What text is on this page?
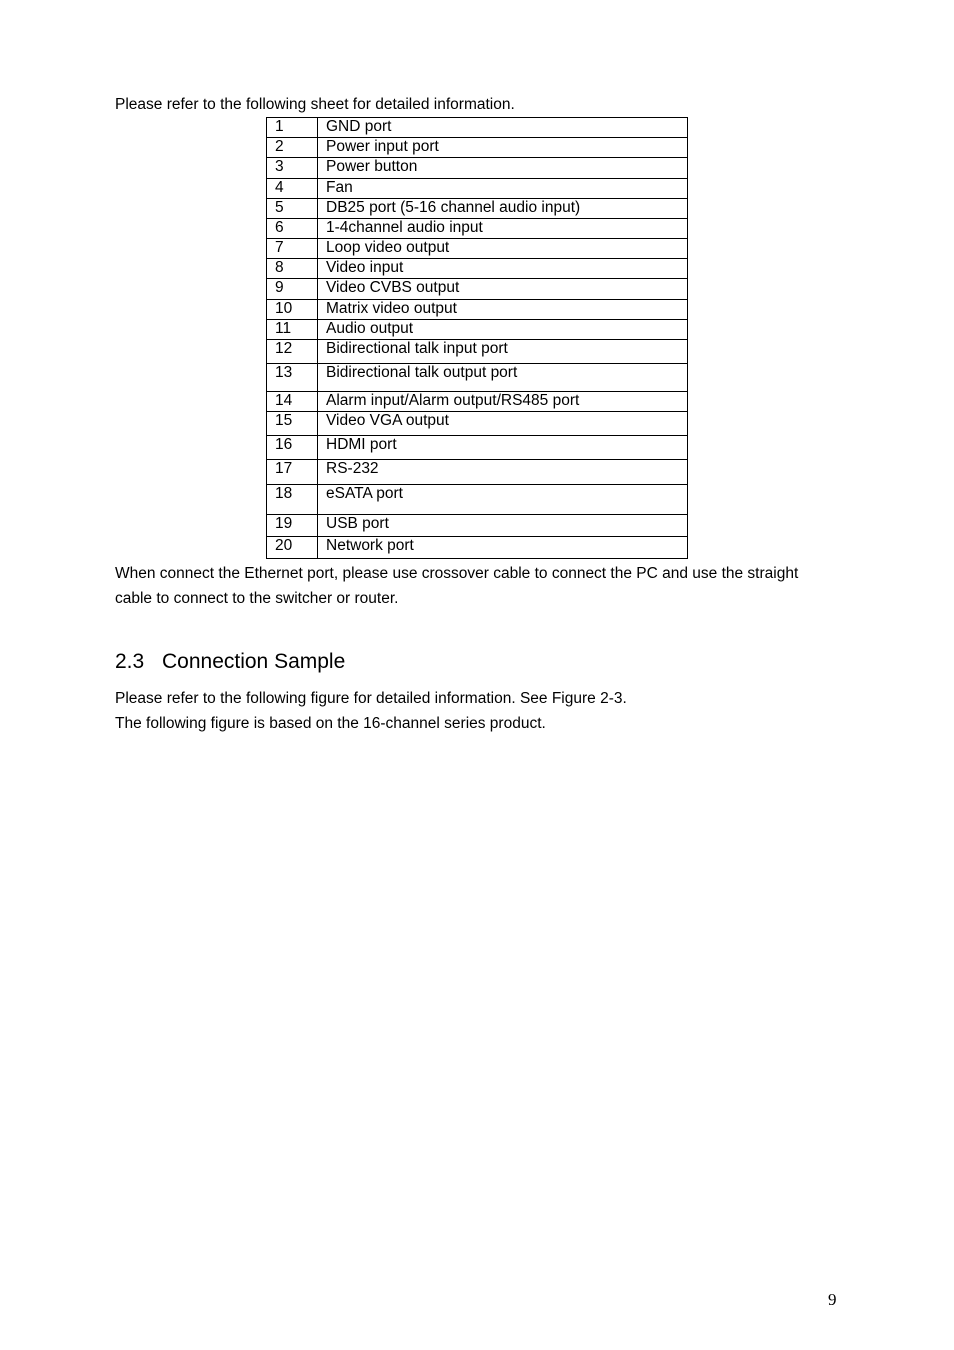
Please refer to the following sheet for detailed information.

1	GND port
2	Power input port
3	Power button
4	Fan
5	DB25 port (5-16 channel audio input)
6	1-4channel audio input
7	Loop video output
8	Video input
9	Video CVBS output
10	Matrix video output
11	Audio output
12	Bidirectional talk input port
13	Bidirectional talk output port
14	Alarm input/Alarm output/RS485 port
15	Video VGA output
16	HDMI port
17	RS-232
18	eSATA port
19	USB port
20	Network port

When connect the Ethernet port, please use crossover cable to connect the PC and use the straight cable to connect to the switcher or router.

2.3 Connection Sample

Please refer to the following figure for detailed information. See Figure 2-3.

The following figure is based on the 16-channel series product.

9
